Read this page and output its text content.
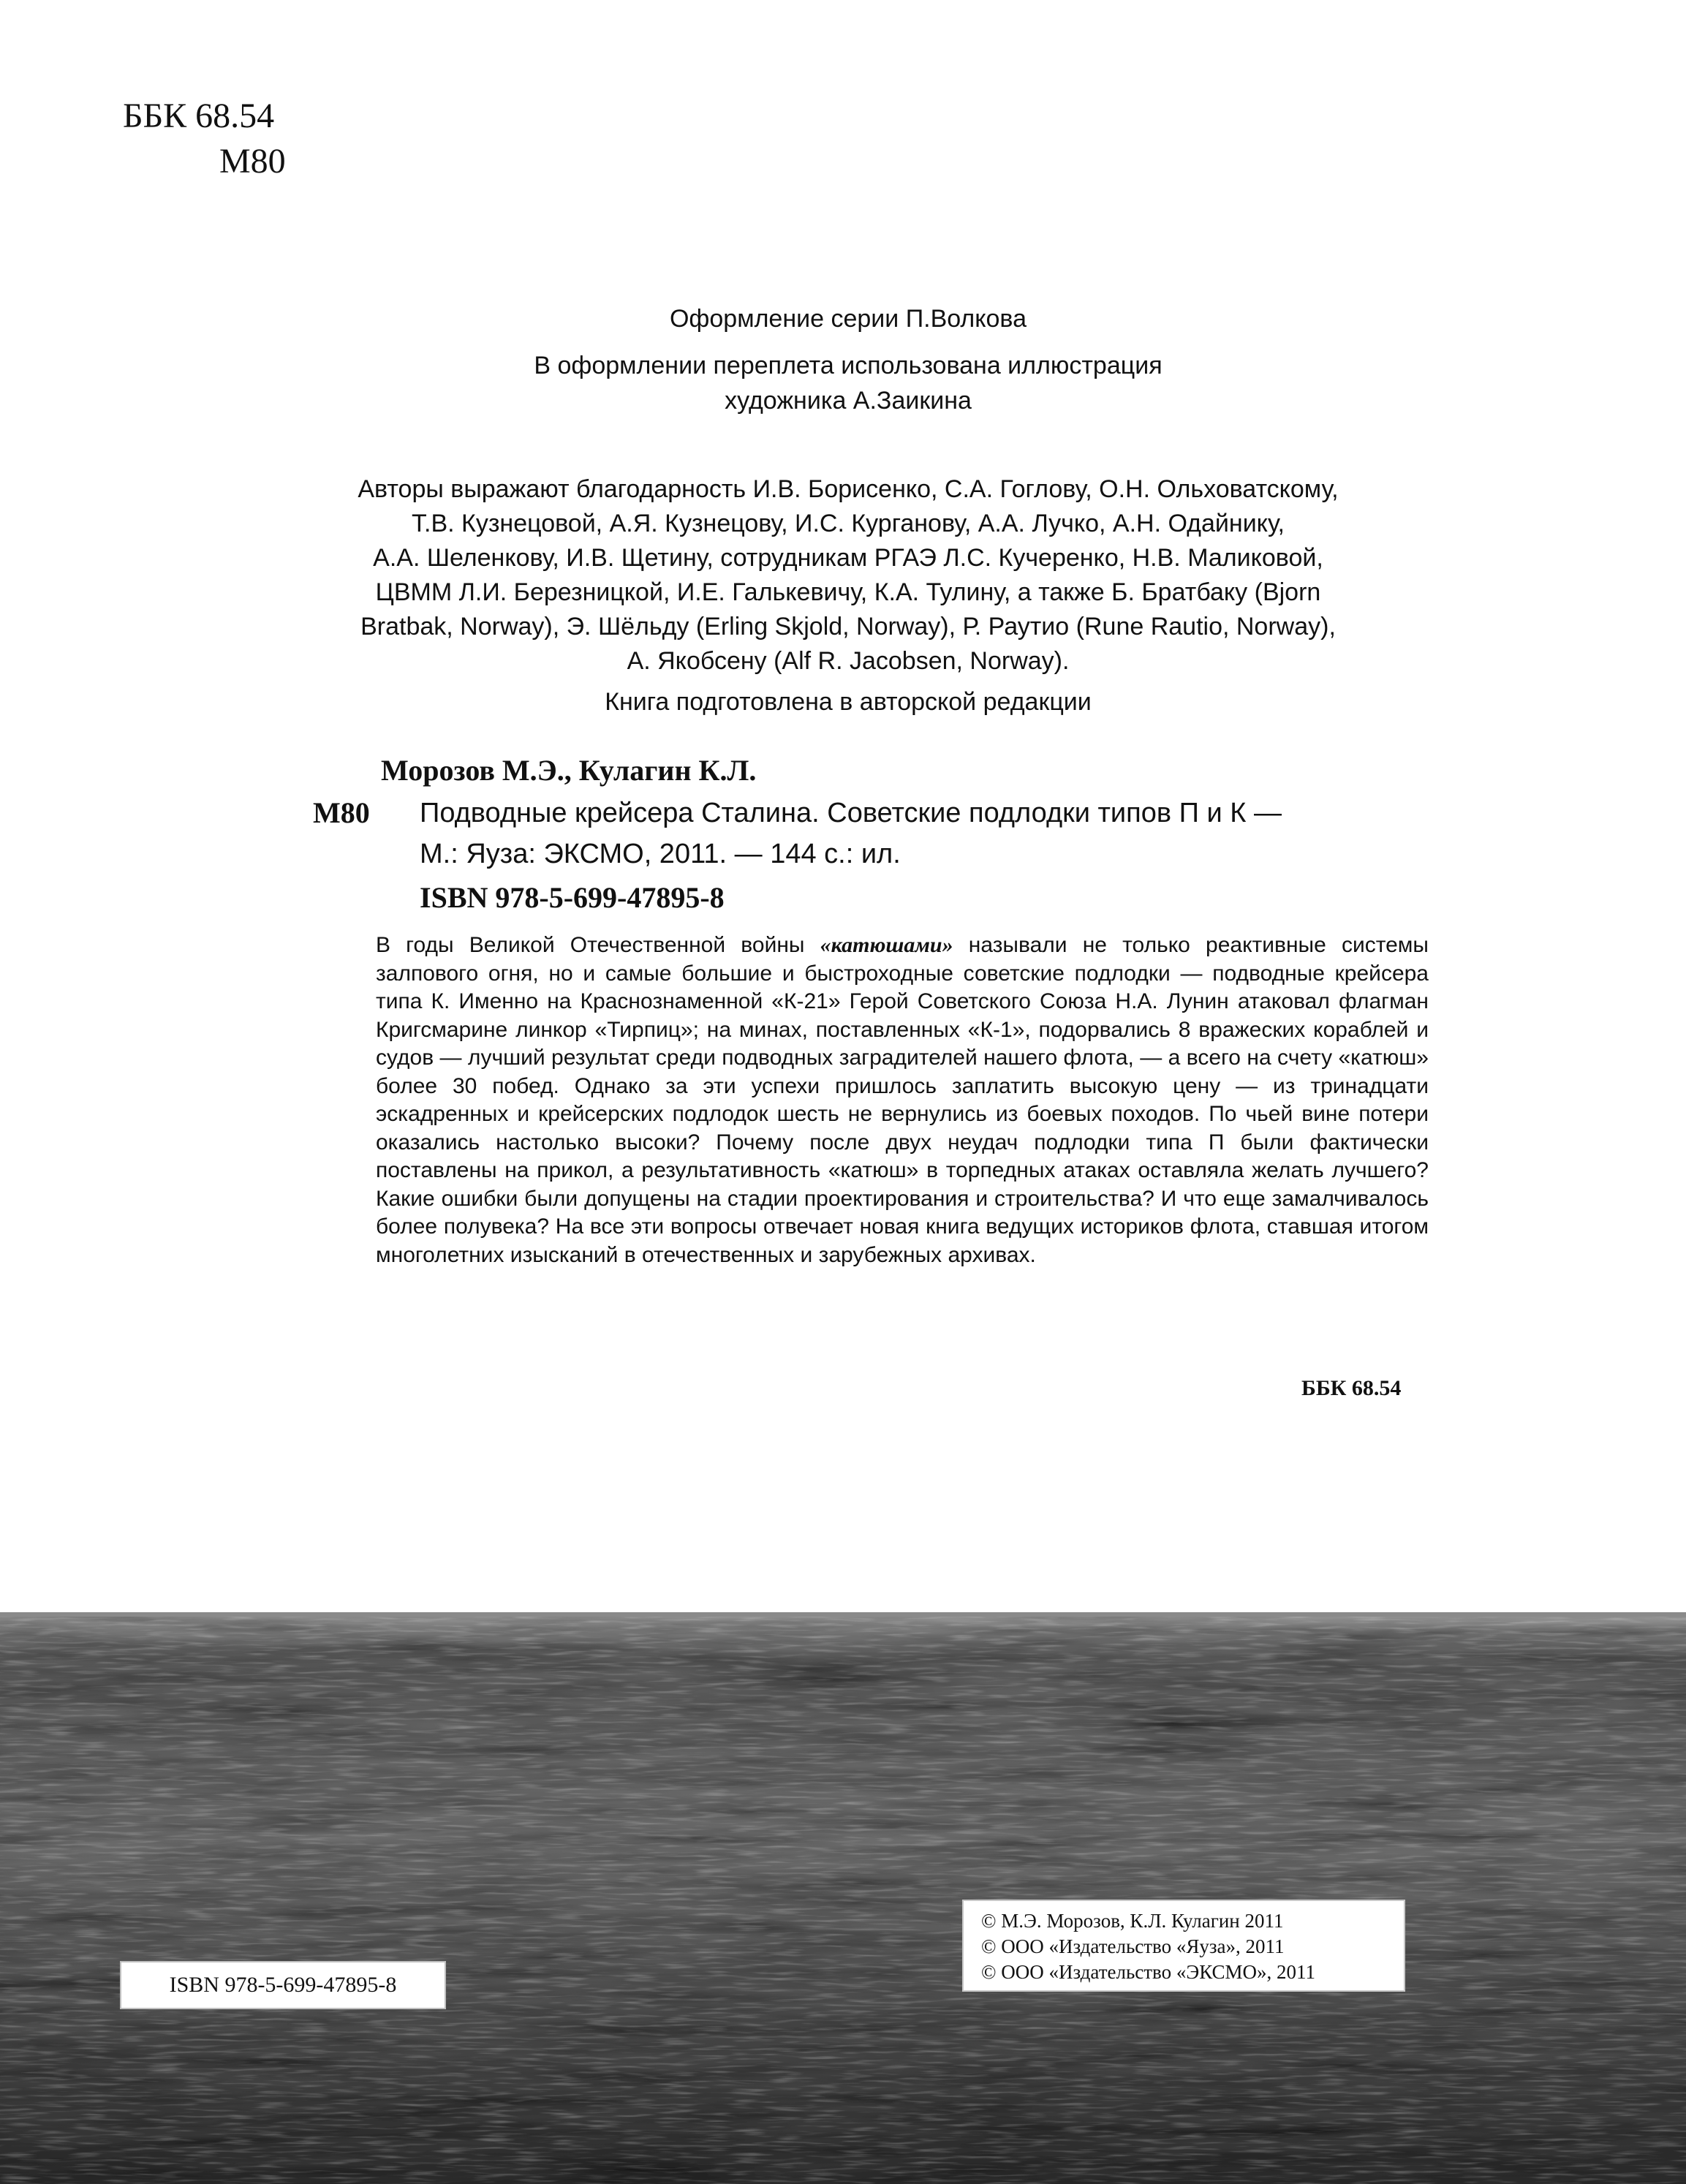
ББК 68.54
М80
Оформление серии П.Волкова
В оформлении переплета использована иллюстрация
художника А.Заикина
Авторы выражают благодарность И.В. Борисенко, С.А. Гоглову, О.Н. Ольховатскому,
Т.В. Кузнецовой, А.Я. Кузнецову, И.С. Курганову, А.А. Лучко, А.Н. Одайнику,
А.А. Шеленкову, И.В. Щетину, сотрудникам РГАЭ Л.С. Кучеренко, Н.В. Маликовой,
ЦВММ Л.И. Березницкой, И.Е. Галькевичу, К.А. Тулину, а также Б. Братбаку (Bjorn
Bratbak, Norway), Э. Шёльду (Erling Skjold, Norway), Р. Раутио (Rune Rautio, Norway),
А. Якобсену (Alf R. Jacobsen, Norway).
Книга подготовлена в авторской редакции
Морозов М.Э., Кулагин К.Л.
М80 Подводные крейсера Сталина. Советские подлодки типов П и К —
М.: Яуза: ЭКСМО, 2011. — 144 с.: ил.
ISBN 978-5-699-47895-8
В годы Великой Отечественной войны «катюшами» называли не только реактивные системы залпового огня, но и самые большие и быстроходные советские подлодки — подводные крейсера типа К. Именно на Краснознаменной «К-21» Герой Советского Союза Н.А. Лунин атаковал флагман Кригсмарине линкор «Тирпиц»; на минах, поставленных «К-1», подорвались 8 вражеских кораблей и судов — лучший результат среди подводных заградителей нашего флота, — а всего на счету «катюш» более 30 побед. Однако за эти успехи пришлось заплатить высокую цену — из тринадцати эскадренных и крейсерских подлодок шесть не вернулись из боевых походов. По чьей вине потери оказались настолько высоки? Почему после двух неудач подлодки типа П были фактически поставлены на прикол, а результативность «катюш» в торпедных атаках оставляла желать лучшего? Какие ошибки были допущены на стадии проектирования и строительства? И что еще замалчивалось более полувека? На все эти вопросы отвечает новая книга ведущих историков флота, ставшая итогом многолетних изысканий в отечественных и зарубежных архивах.
ББК 68.54
ISBN 978-5-699-47895-8
© М.Э. Морозов, К.Л. Кулагин 2011
© ООО «Издательство «Яуза», 2011
© ООО «Издательство «ЭКСМО», 2011
